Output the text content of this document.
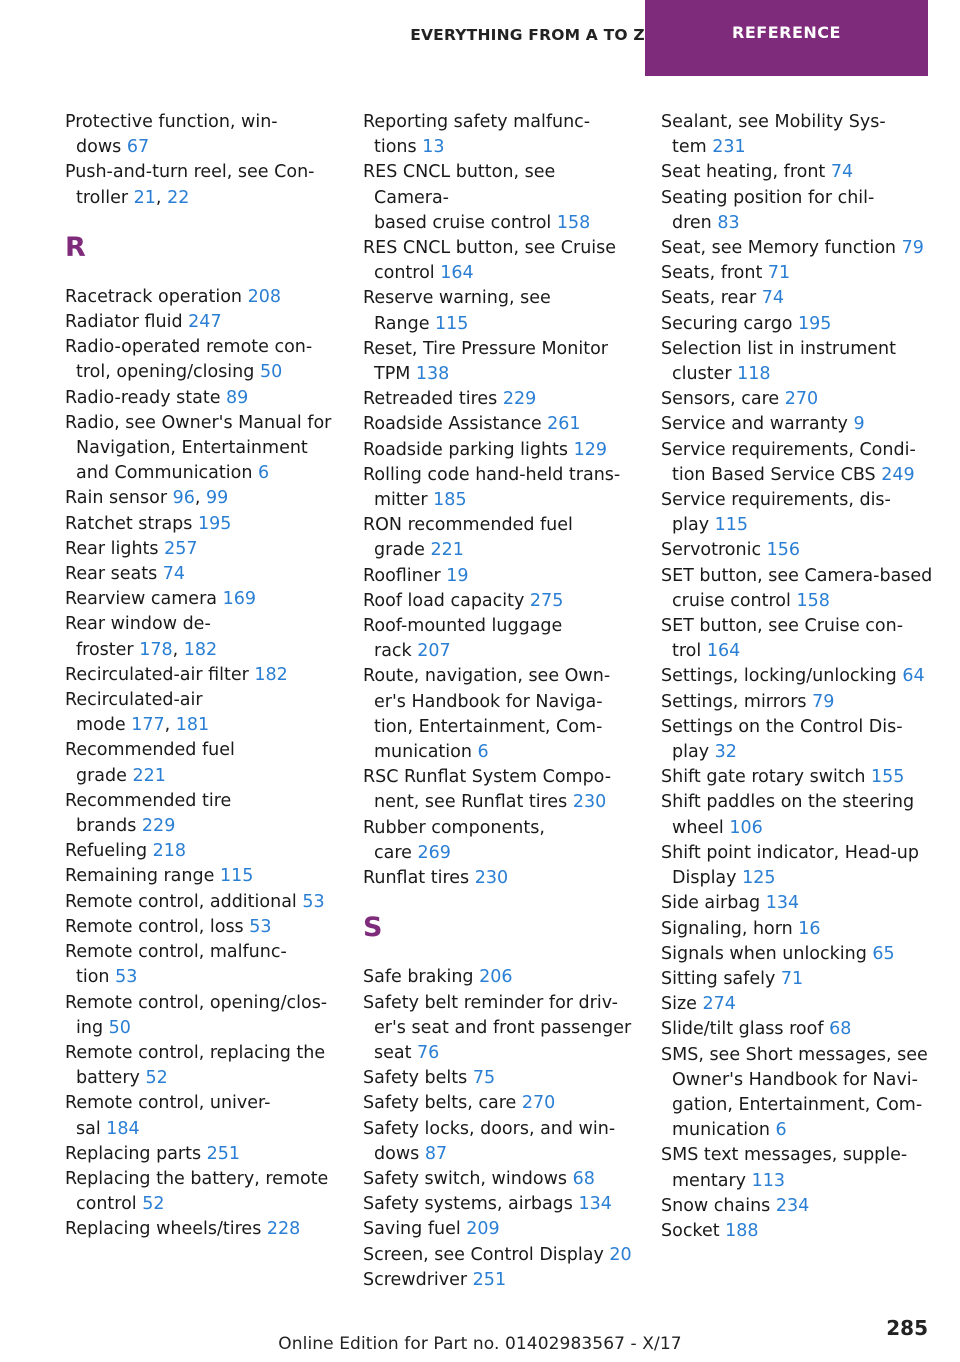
EVERYTHING FROM A TO Z	REFERENCE
Protective function, win-
dows 67
Push-and-turn reel, see Con-
troller 21, 22
R
Racetrack operation 208
Radiator fluid 247
Radio-operated remote con-
trol, opening/closing 50
Radio-ready state 89
Radio, see Owner's Manual for
Navigation, Entertainment
and Communication 6
Rain sensor 96, 99
Ratchet straps 195
Rear lights 257
Rear seats 74
Rearview camera 169
Rear window de-
froster 178, 182
Recirculated-air filter 182
Recirculated-air
mode 177, 181
Recommended fuel
grade 221
Recommended tire
brands 229
Refueling 218
Remaining range 115
Remote control, additional 53
Remote control, loss 53
Remote control, malfunc-
tion 53
Remote control, opening/clos-
ing 50
Remote control, replacing the
battery 52
Remote control, univer-
sal 184
Replacing parts 251
Replacing the battery, remote
control 52
Replacing wheels/tires 228
Reporting safety malfunc-
tions 13
RES CNCL button, see Camera-
based cruise control 158
RES CNCL button, see Cruise
control 164
Reserve warning, see
Range 115
Reset, Tire Pressure Monitor
TPM 138
Retreaded tires 229
Roadside Assistance 261
Roadside parking lights 129
Rolling code hand-held trans-
mitter 185
RON recommended fuel
grade 221
Roofliner 19
Roof load capacity 275
Roof-mounted luggage
rack 207
Route, navigation, see Own-
er's Handbook for Naviga-
tion, Entertainment, Com-
munication 6
RSC Runflat System Compo-
nent, see Runflat tires 230
Rubber components,
care 269
Runflat tires 230
S
Safe braking 206
Safety belt reminder for driv-
er's seat and front passenger
seat 76
Safety belts 75
Safety belts, care 270
Safety locks, doors, and win-
dows 87
Safety switch, windows 68
Safety systems, airbags 134
Saving fuel 209
Screen, see Control Display 20
Screwdriver 251
Sealant, see Mobility Sys-
tem 231
Seat heating, front 74
Seating position for chil-
dren 83
Seat, see Memory function 79
Seats, front 71
Seats, rear 74
Securing cargo 195
Selection list in instrument
cluster 118
Sensors, care 270
Service and warranty 9
Service requirements, Condi-
tion Based Service CBS 249
Service requirements, dis-
play 115
Servotronic 156
SET button, see Camera-based
cruise control 158
SET button, see Cruise con-
trol 164
Settings, locking/unlocking 64
Settings, mirrors 79
Settings on the Control Dis-
play 32
Shift gate rotary switch 155
Shift paddles on the steering
wheel 106
Shift point indicator, Head-up
Display 125
Side airbag 134
Signaling, horn 16
Signals when unlocking 65
Sitting safely 71
Size 274
Slide/tilt glass roof 68
SMS, see Short messages, see
Owner's Handbook for Navi-
gation, Entertainment, Com-
munication 6
SMS text messages, supple-
mentary 113
Snow chains 234
Socket 188
285
Online Edition for Part no. 01402983567 - X/17
